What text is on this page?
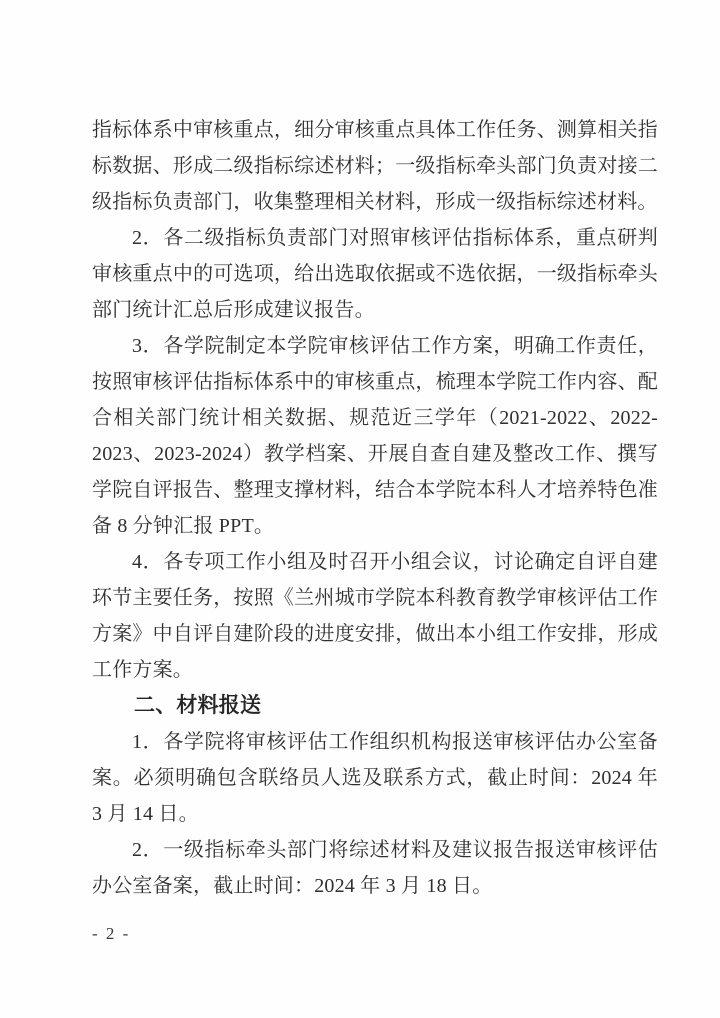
指标体系中审核重点，细分审核重点具体工作任务、测算相关指标数据、形成二级指标综述材料；一级指标牵头部门负责对接二级指标负责部门，收集整理相关材料，形成一级指标综述材料。

2．各二级指标负责部门对照审核评估指标体系，重点研判审核重点中的可选项，给出选取依据或不选依据，一级指标牵头部门统计汇总后形成建议报告。

3．各学院制定本学院审核评估工作方案，明确工作责任，按照审核评估指标体系中的审核重点，梳理本学院工作内容、配合相关部门统计相关数据、规范近三学年（2021-2022、2022-2023、2023-2024）教学档案、开展自查自建及整改工作、撰写学院自评报告、整理支撑材料，结合本学院本科人才培养特色准备 8 分钟汇报 PPT。

4．各专项工作小组及时召开小组会议，讨论确定自评自建环节主要任务，按照《兰州城市学院本科教育教学审核评估工作方案》中自评自建阶段的进度安排，做出本小组工作安排，形成工作方案。

二、材料报送

1．各学院将审核评估工作组织机构报送审核评估办公室备案。必须明确包含联络员人选及联系方式，截止时间：2024 年 3 月 14 日。

2．一级指标牵头部门将综述材料及建议报告报送审核评估办公室备案，截止时间：2024 年 3 月 18 日。

- 2 -
